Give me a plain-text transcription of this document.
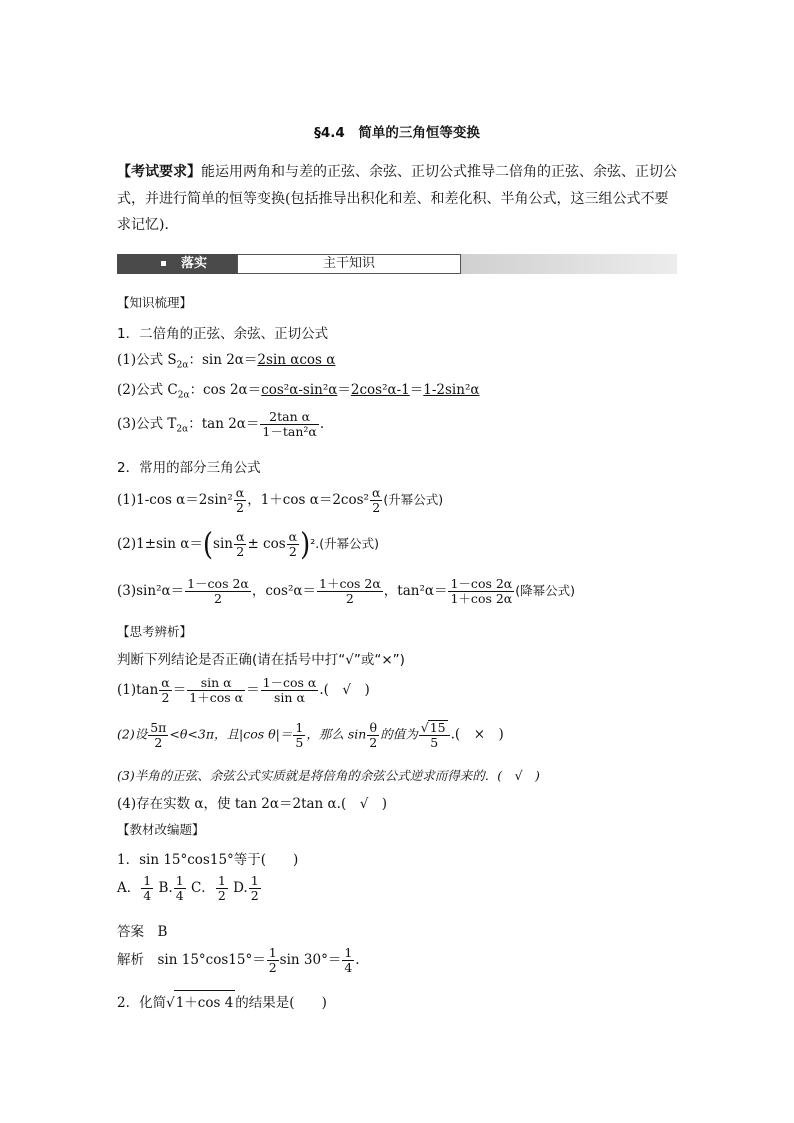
§4.4　简单的三角恒等变换
【考试要求】能运用两角和与差的正弦、余弦、正切公式推导二倍角的正弦、余弦、正切公式，并进行简单的恒等变换(包括推导出积化和差、和差化积、半角公式，这三组公式不要求记忆)．
落实	主干知识
【知识梳理】
1．二倍角的正弦、余弦、正切公式
(1)公式 $S_{2\alpha}$：sin 2α＝2sin αcos α
(2)公式 $C_{2\alpha}$：cos 2α＝cos²α-sin²α＝2cos²α-1＝1-2sin²α
(3)公式 $T_{2\alpha}$：$\tan 2\alpha= \frac{\text{2tan α}}{\text{1－tan²α}}$ .
2．常用的部分三角公式
(1)1-cos $\alpha=2\sin^2 \frac{\alpha}{2}$ ，1＋cos $\alpha=2\cos^2 \frac{\alpha}{2}$ (升幂公式)
(2)1±sin $\alpha=(\sin \frac{\alpha}{2} \pm \cos \frac{\alpha}{2} )^2$.(升幂公式)
$(3)\sin^2\alpha= \frac{1-\cos 2\alpha}{2}$ ，$\cos^2\alpha= \frac{1+\cos 2\alpha}{2}$ ，$\tan^2\alpha= \frac{1-\cos 2\alpha}{1+\cos 2\alpha}$ (降幂公式)
【思考辨析】
判断下列结论是否正确(请在括号中打“√”或“×”)
$(1)\tan \frac{\alpha}{2} = \frac{\text{sin α}}{\text{1＋cos α}} = \frac{\text{1－cos α}}{\text{sin α}}$ .(　√　)
(2)设 $\frac{5\pi}{2} <\theta<3\pi$，且|cos $\theta|= \frac{1}{5}$ ，那么 $\sin \frac{\theta}{2}$ 的值为 $\frac{√15}{5}$ .(　×　)
(3)半角的正弦、余弦公式实质就是将倍角的余弦公式逆求而得来的．(　√　)
(4)存在实数 α，使 tan 2α＝2tan α.(　√　)
【教材改编题】
1．sin 15°cos15°等于(　　)
A． $\frac{1}{4} B$. $\frac{1}{4}$ C． $\frac{1}{2} D$. $\frac{1}{2}$
答案　B
解析　$\sin 15^\circ\cos 15^\circ= \frac{1}{2}$ $\sin 30^\circ= \frac{1}{4}$ .
2．化简√1＋cos 4 的结果是(　　)
